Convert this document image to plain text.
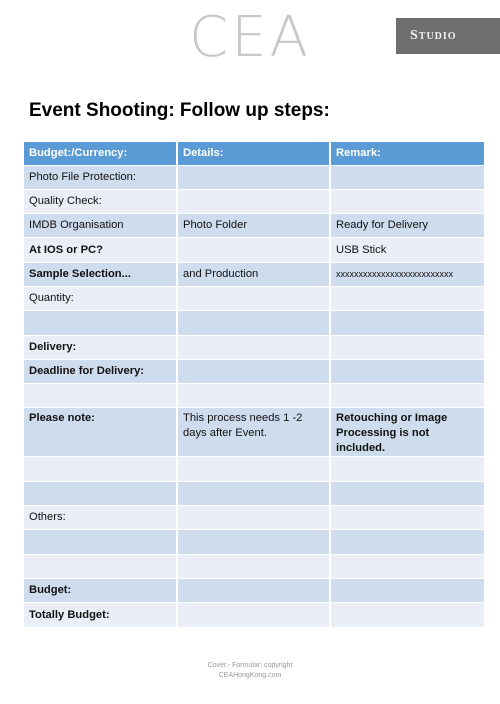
CEA	Studio
Event Shooting: Follow up steps:
Budget:/Currency:	Details:	Remark:
Photo File Protection:		
Quality Check:		
IMDB Organisation	Photo Folder	Ready for Delivery
At IOS or PC?		USB Stick
Sample Selection...	and Production	xxxxxxxxxxxxxxxxxxxxxxxxxx
Quantity:		

Delivery:		
Deadline for Delivery:		

Please note:	This process needs 1 -2 days after Event.	Retouching or Image Processing is not included.

Others:		

Budget:		
Totally Budget:		
Cover.- Formular: copyright
CEAHongKong.com
